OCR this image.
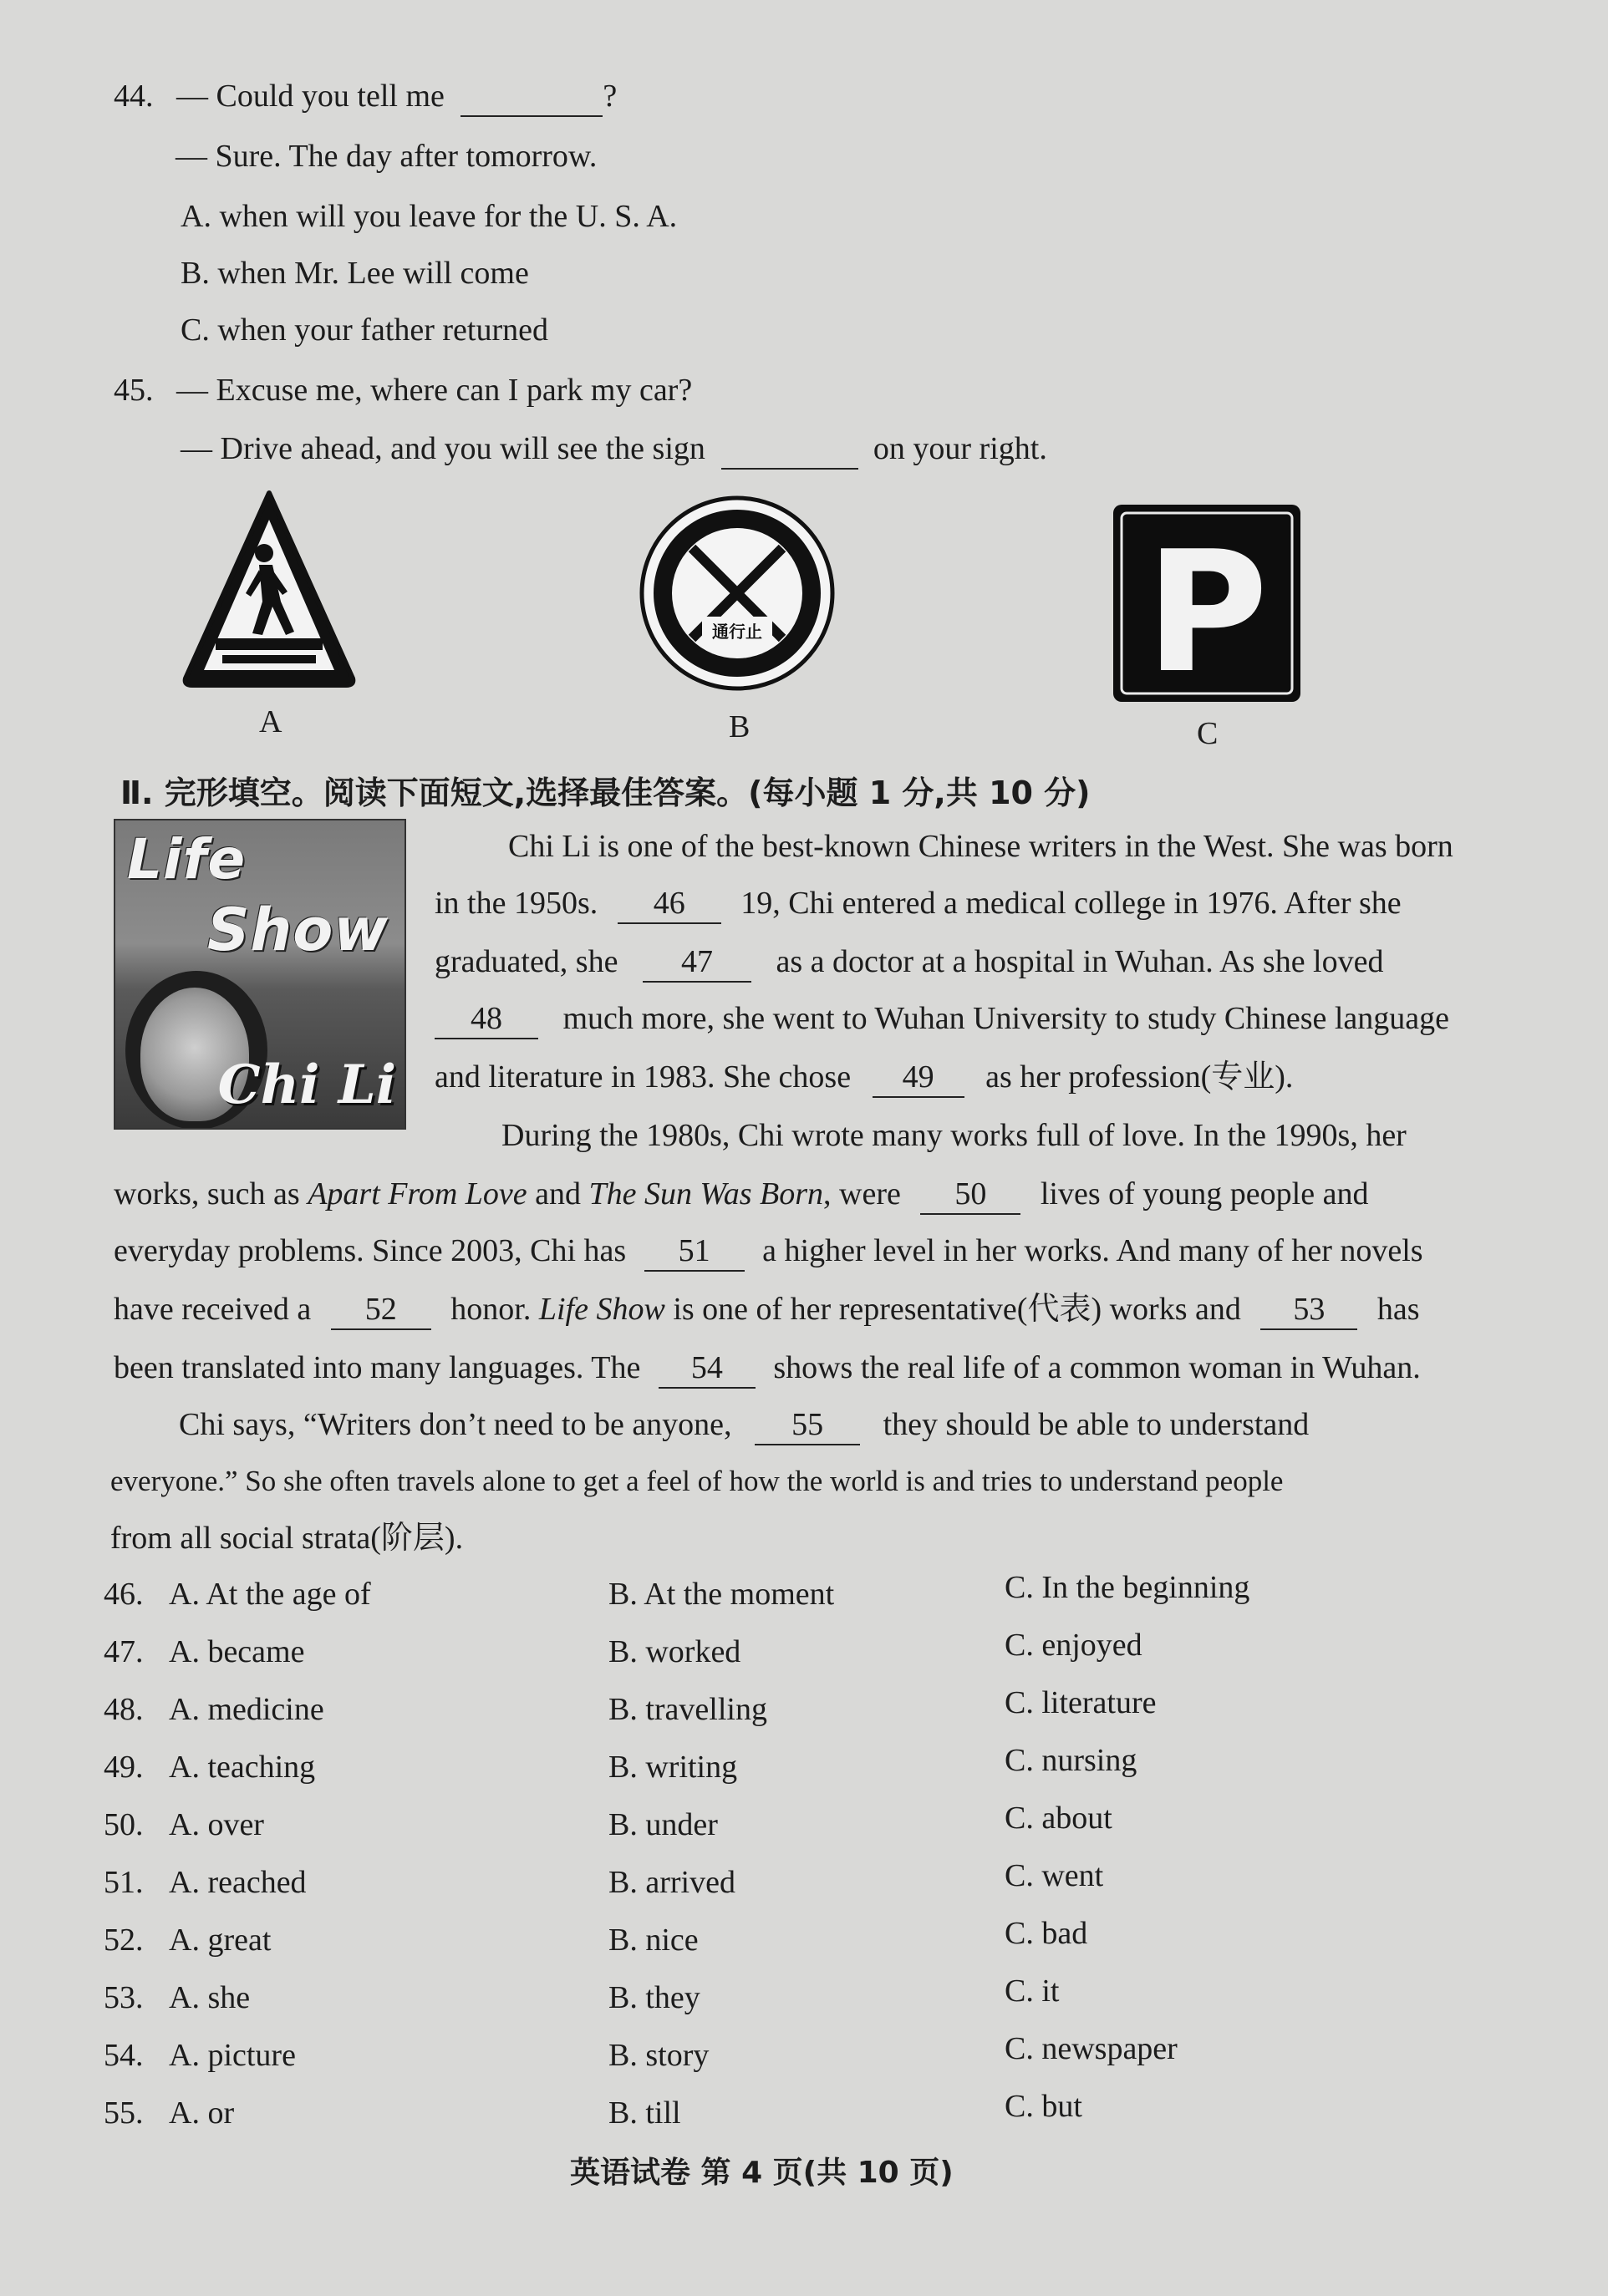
44. — Could you tell me	?
— Sure. The day after tomorrow.
A. when will you leave for the U. S. A.
B. when Mr. Lee will come
C. when your father returned
45. — Excuse me, where can I park my car?
— Drive ahead, and you will see the sign	on your right.
A
通行止
B
P
C
Ⅱ. 完形填空。阅读下面短文,选择最佳答案。(每小题 1 分,共 10 分)
Life
Show
Chi Li
Chi Li is one of the best-known Chinese writers in the West. She was born
in the 1950s. 46 19, Chi entered a medical college in 1976. After she
graduated, she 47 as a doctor at a hospital in Wuhan. As she loved
48 much more, she went to Wuhan University to study Chinese language
and literature in 1983. She chose 49 as her profession(专业).
During the 1980s, Chi wrote many works full of love. In the 1990s, her
works, such as Apart From Love and The Sun Was Born, were 50 lives of young people and
everyday problems. Since 2003, Chi has 51 a higher level in her works. And many of her novels
have received a 52 honor. Life Show is one of her representative(代表) works and 53 has
been translated into many languages. The 54 shows the real life of a common woman in Wuhan.
Chi says, “Writers don’t need to be anyone, 55 they should be able to understand
everyone.” So she often travels alone to get a feel of how the world is and tries to understand people
from all social strata(阶层).
46. A. At the age of	B. At the moment	C. In the beginning
47. A. became	B. worked	C. enjoyed
48. A. medicine	B. travelling	C. literature
49. A. teaching	B. writing	C. nursing
50. A. over	B. under	C. about
51. A. reached	B. arrived	C. went
52. A. great	B. nice	C. bad
53. A. she	B. they	C. it
54. A. picture	B. story	C. newspaper
55. A. or	B. till	C. but
英语试卷 第 4 页(共 10 页)
